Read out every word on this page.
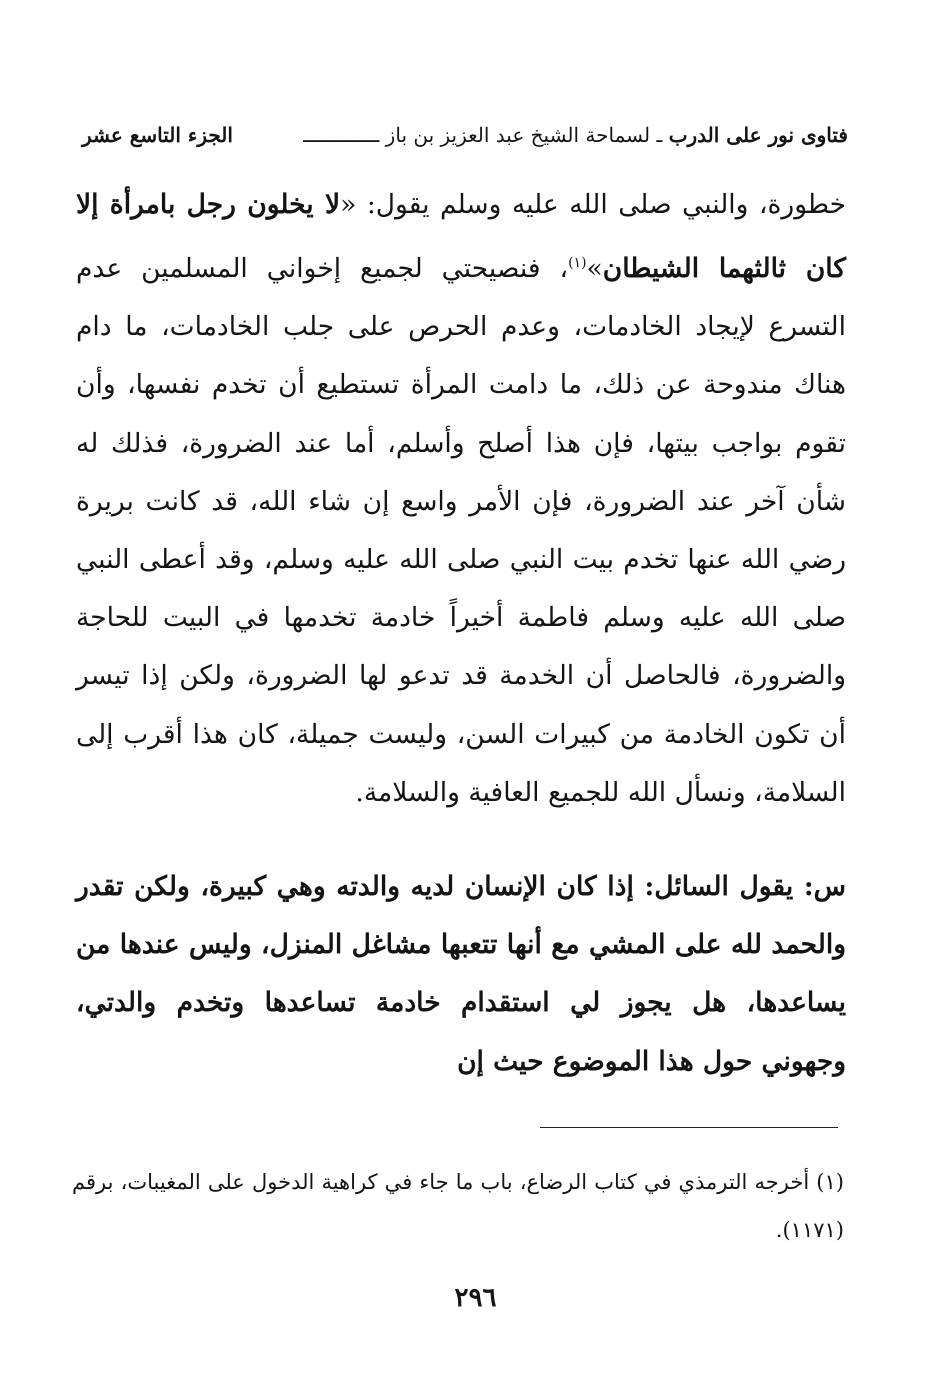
فتاوى نور على الدرب ـ لسماحة الشيخ عبد العزيز بن باز ـــــــــــــ
الجزء التاسع عشر
خطورة، والنبي صلى الله عليه وسلم يقول: «لا يخلون رجل بامرأة إلا كان ثالثهما الشيطان»$^{(١)}$، فنصيحتي لجميع إخواني المسلمين عدم التسرع لإيجاد الخادمات، وعدم الحرص على جلب الخادمات، ما دام هناك مندوحة عن ذلك، ما دامت المرأة تستطيع أن تخدم نفسها، وأن تقوم بواجب بيتها، فإن هذا أصلح وأسلم، أما عند الضرورة، فذلك له شأن آخر عند الضرورة، فإن الأمر واسع إن شاء الله، قد كانت بريرة رضي الله عنها تخدم بيت النبي صلى الله عليه وسلم، وقد أعطى النبي صلى الله عليه وسلم فاطمة أخيراً خادمة تخدمها في البيت للحاجة والضرورة، فالحاصل أن الخدمة قد تدعو لها الضرورة، ولكن إذا تيسر أن تكون الخادمة من كبيرات السن، وليست جميلة، كان هذا أقرب إلى السلامة، ونسأل الله للجميع العافية والسلامة.
س: يقول السائل: إذا كان الإنسان لديه والدته وهي كبيرة، ولكن تقدر والحمد لله على المشي مع أنها تتعبها مشاغل المنزل، وليس عندها من يساعدها، هل يجوز لي استقدام خادمة تساعدها وتخدم والدتي، وجهوني حول هذا الموضوع حيث إن
(١) أخرجه الترمذي في كتاب الرضاع، باب ما جاء في كراهية الدخول على المغيبات، برقم (١١٧١).
٢٩٦
